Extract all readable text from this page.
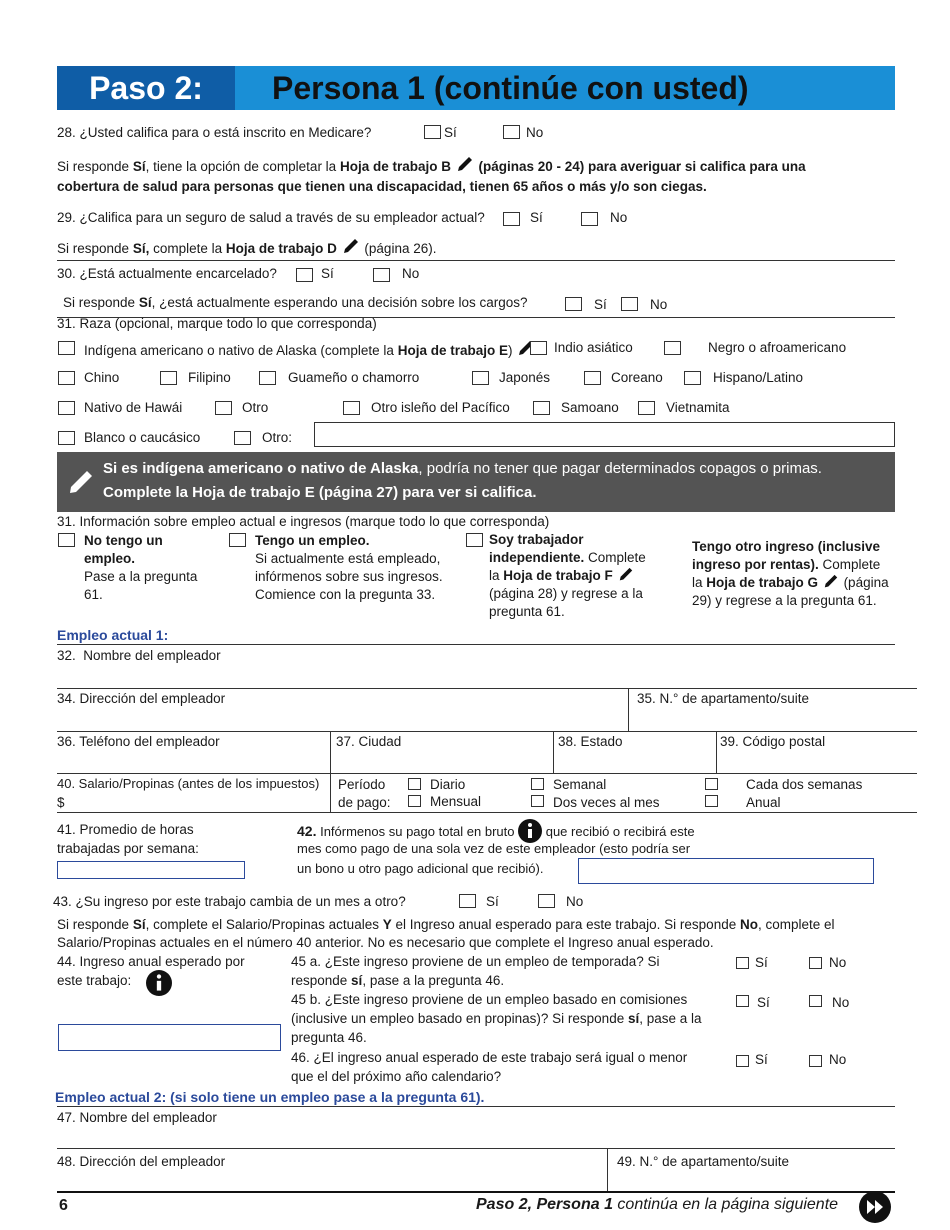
Paso 2:	Persona 1 (continúe con usted)
28. ¿Usted califica para o está inscrito en Medicare?	Sí	No
Si responde Sí, tiene la opción de completar la Hoja de trabajo B  (páginas 20 - 24) para averiguar si califica para una
cobertura de salud para personas que tienen una discapacidad, tienen 65 años o más y/o son ciegas.
29. ¿Califica para un seguro de salud a través de su empleador actual?	Sí	No
Si responde Sí, complete la Hoja de trabajo D  (página 26).
30. ¿Está actualmente encarcelado?	Sí	No
Si responde Sí, ¿está actualmente esperando una decisión sobre los cargos?	Sí	No
31. Raza (opcional, marque todo lo que corresponda)
Indígena americano o nativo de Alaska (complete la Hoja de trabajo E)	Indio asiático	Negro o afroamericano
Chino	Filipino	Guameño o chamorro	Japonés	Coreano	Hispano/Latino
Nativo de Hawái	Otro	Otro isleño del Pacífico	Samoano	Vietnamita
Blanco o caucásico	Otro:
Si es indígena americano o nativo de Alaska, podría no tener que pagar determinados copagos o primas.
Complete la Hoja de trabajo E (página 27) para ver si califica.
31. Información sobre empleo actual e ingresos (marque todo lo que corresponda)
No tengo un empleo.
Pase a la pregunta 61.
Tengo un empleo.
Si actualmente está empleado, infórmenos sobre sus ingresos. Comience con la pregunta 33.
Soy trabajador independiente. Complete la Hoja de trabajo F  (página 28) y regrese a la pregunta 61.
Tengo otro ingreso (inclusive ingreso por rentas). Complete la Hoja de trabajo G  (página 29) y regrese a la pregunta 61.
Empleo actual 1:
32. Nombre del empleador
34. Dirección del empleador	35. N.° de apartamento/suite
36. Teléfono del empleador	37. Ciudad	38. Estado	39. Código postal
40. Salario/Propinas (antes de los impuestos)
$
Período
de pago:
Diario	Semanal	Cada dos semanas
Mensual	Dos veces al mes	Anual
41. Promedio de horas
trabajadas por semana:
42. Infórmenos su pago total en bruto  que recibió o recibirá este
mes como pago de una sola vez de este empleador (esto podría ser
un bono u otro pago adicional que recibió).
43. ¿Su ingreso por este trabajo cambia de un mes a otro?	Sí	No
Si responde Sí, complete el Salario/Propinas actuales Y el Ingreso anual esperado para este trabajo. Si responde No, complete el
Salario/Propinas actuales en el número 40 anterior. No es necesario que complete el Ingreso anual esperado.
44. Ingreso anual esperado por
este trabajo:
45 a. ¿Este ingreso proviene de un empleo de temporada? Si
responde sí, pase a la pregunta 46.
Sí	No
45 b. ¿Este ingreso proviene de un empleo basado en comisiones
(inclusive un empleo basado en propinas)? Si responde sí, pase a la
pregunta 46.
Sí	No
46. ¿El ingreso anual esperado de este trabajo será igual o menor
que el del próximo año calendario?
Sí	No
Empleo actual 2: (si solo tiene un empleo pase a la pregunta 61).
47. Nombre del empleador
48. Dirección del empleador	49. N.° de apartamento/suite
6	Paso 2, Persona 1 continúa en la página siguiente
